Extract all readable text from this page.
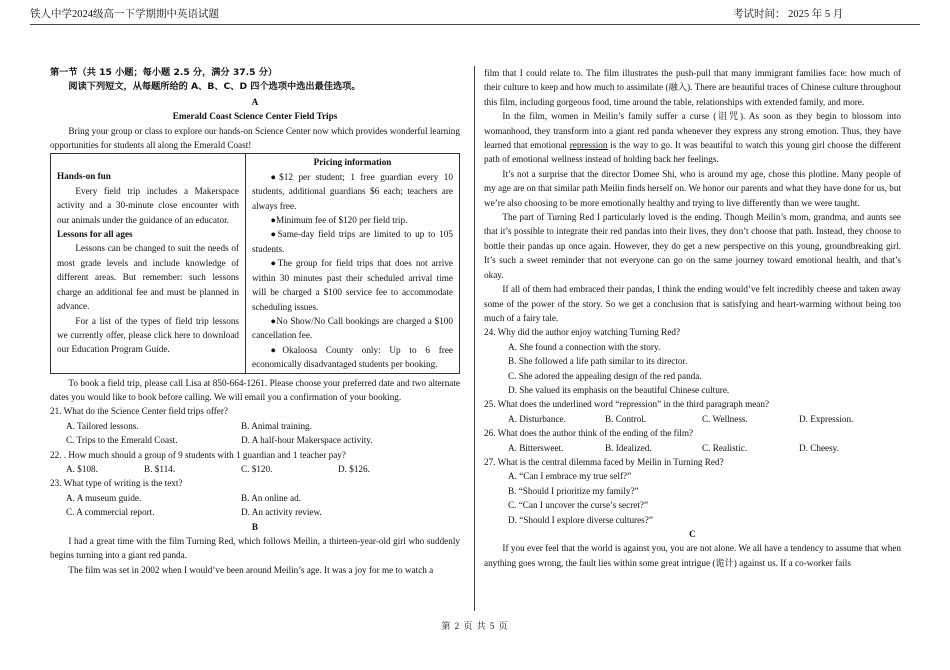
铁人中学2024级高一下学期期中英语试题	考试时间： 2025 年 5 月

第一节（共 15 小题；每小题 2.5 分，满分 37.5 分）

阅读下列短文，从每题所给的 A、B、C、D 四个选项中选出最佳选项。

A

Emerald Coast Science Center Field Trips

Bring your group or class to explore our hands-on Science Center now which provides wonderful learning opportunities for students all along the Emerald Coast!

Hands-on fun

Every field trip includes a Makerspace activity and a 30-minute close encounter with our animals under the guidance of an educator.

Lessons for all ages

Lessons can be changed to suit the needs of most grade levels and include knowledge of different areas. But remember: such lessons charge an additional fee and must be planned in advance.

For a list of the types of field trip lessons we currently offer, please click here to download our Education Program Guide.

Pricing information

●$12 per student; 1 free guardian every 10 students, additional guardians $6 each; teachers are always free.

●Minimum fee of $120 per field trip.

●Same-day field trips are limited to up to 105 students.

●The group for field trips that does not arrive within 30 minutes past their scheduled arrival time will be charged a $100 service fee to accommodate scheduling issues.

●No Show/No Call bookings are charged a $100 cancellation fee.

●Okaloosa County only: Up to 6 free economically disadvantaged students per booking.

To book a field trip, please call Lisa at 850-664-1261. Please choose your preferred date and two alternate dates you would like to book before calling. We will email you a confirmation of your booking.

21. What do the Science Center field trips offer?

A. Tailored lessons.	B. Animal training.
C. Trips to the Emerald Coast.	D. A half-hour Makerspace activity.

22. . How much should a group of 9 students with 1 guardian and 1 teacher pay?

A. $108.	B. $114.	C. $120.	D. $126.

23. What type of writing is the text?

A. A museum guide.	B. An online ad.
C. A commercial report.	D. An activity review.

B

I had a great time with the film Turning Red, which follows Meilin, a thirteen-year-old girl who suddenly begins turning into a giant red panda.

The film was set in 2002 when I would’ve been around Meilin’s age. It was a joy for me to watch a

film that I could relate to. The film illustrates the push-pull that many immigrant families face: how much of their culture to keep and how much to assimilate (融入). There are beautiful traces of Chinese culture throughout this film, including gorgeous food, time around the table, relationships with extended family, and more.

In the film, women in Meilin’s family suffer a curse (诅咒). As soon as they begin to blossom into womanhood, they transform into a giant red panda whenever they express any strong emotion. Thus, they have learned that emotional repression is the way to go. It was beautiful to watch this young girl choose the different path of emotional wellness instead of holding back her feelings.

It’s not a surprise that the director Domee Shi, who is around my age, chose this plotline. Many people of my age are on that similar path Meilin finds herself on. We honor our parents and what they have done for us, but we’re also choosing to be more emotionally healthy and trying to live differently than we were taught.

The part of Turning Red I particularly loved is the ending. Though Meilin’s mom, grandma, and aunts see that it’s possible to integrate their red pandas into their lives, they don’t choose that path. Instead, they choose to bottle their pandas up once again. However, they do get a new perspective on this young, groundbreaking girl. It’s such a sweet reminder that not everyone can go on the same journey toward emotional health, and that’s okay.

If all of them had embraced their pandas, I think the ending would’ve felt incredibly cheese and taken away some of the power of the story. So we get a conclusion that is satisfying and heart-warming without being too much of a fairy tale.

24. Why did the author enjoy watching Turning Red?

A. She found a connection with the story.

B. She followed a life path similar to its director.

C. She adored the appealing design of the red panda.

D. She valued its emphasis on the beautiful Chinese culture.

25. What does the underlined word “repression” in the third paragraph mean?

A. Disturbance.	B. Control.	C. Wellness.	D. Expression.

26. What does the author think of the ending of the film?

A. Bittersweet.	B. Idealized.	C. Realistic.	D. Cheesy.

27. What is the central dilemma faced by Meilin in Turning Red?

A. “Can I embrace my true self?”

B. “Should I prioritize my family?”

C. “Can I uncover the curse’s secret?”

D. “Should I explore diverse cultures?”

C

If you ever feel that the world is against you, you are not alone. We all have a tendency to assume that when anything goes wrong, the fault lies within some great intrigue (诡计) against us. If a co-worker fails

第 2 页 共 5 页
